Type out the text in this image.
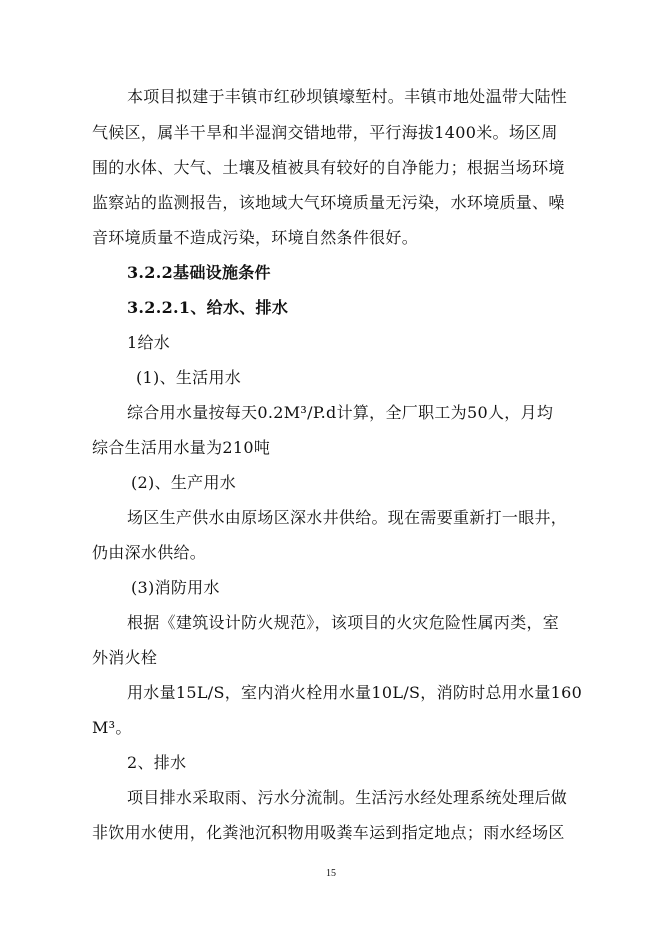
本项目拟建于丰镇市红砂坝镇壕堑村。丰镇市地处温带大陆性
气候区，属半干旱和半湿润交错地带，平行海拔1400米。场区周
围的水体、大气、土壤及植被具有较好的自净能力；根据当场环境
监察站的监测报告，该地域大气环境质量无污染，水环境质量、噪
音环境质量不造成污染，环境自然条件很好。
3.2.2基础设施条件
3.2.2.1、给水、排水
1给水
(1)、生活用水
综合用水量按每天0.2M³/P.d计算，全厂职工为50人，月均
综合生活用水量为210吨
(2)、生产用水
场区生产供水由原场区深水井供给。现在需要重新打一眼井，
仍由深水供给。
(3)消防用水
根据《建筑设计防火规范》，该项目的火灾危险性属丙类，室
外消火栓
用水量15L/S，室内消火栓用水量10L/S，消防时总用水量160
M³。
2、排水
项目排水采取雨、污水分流制。生活污水经处理系统处理后做
非饮用水使用，化粪池沉积物用吸粪车运到指定地点；雨水经场区
15
